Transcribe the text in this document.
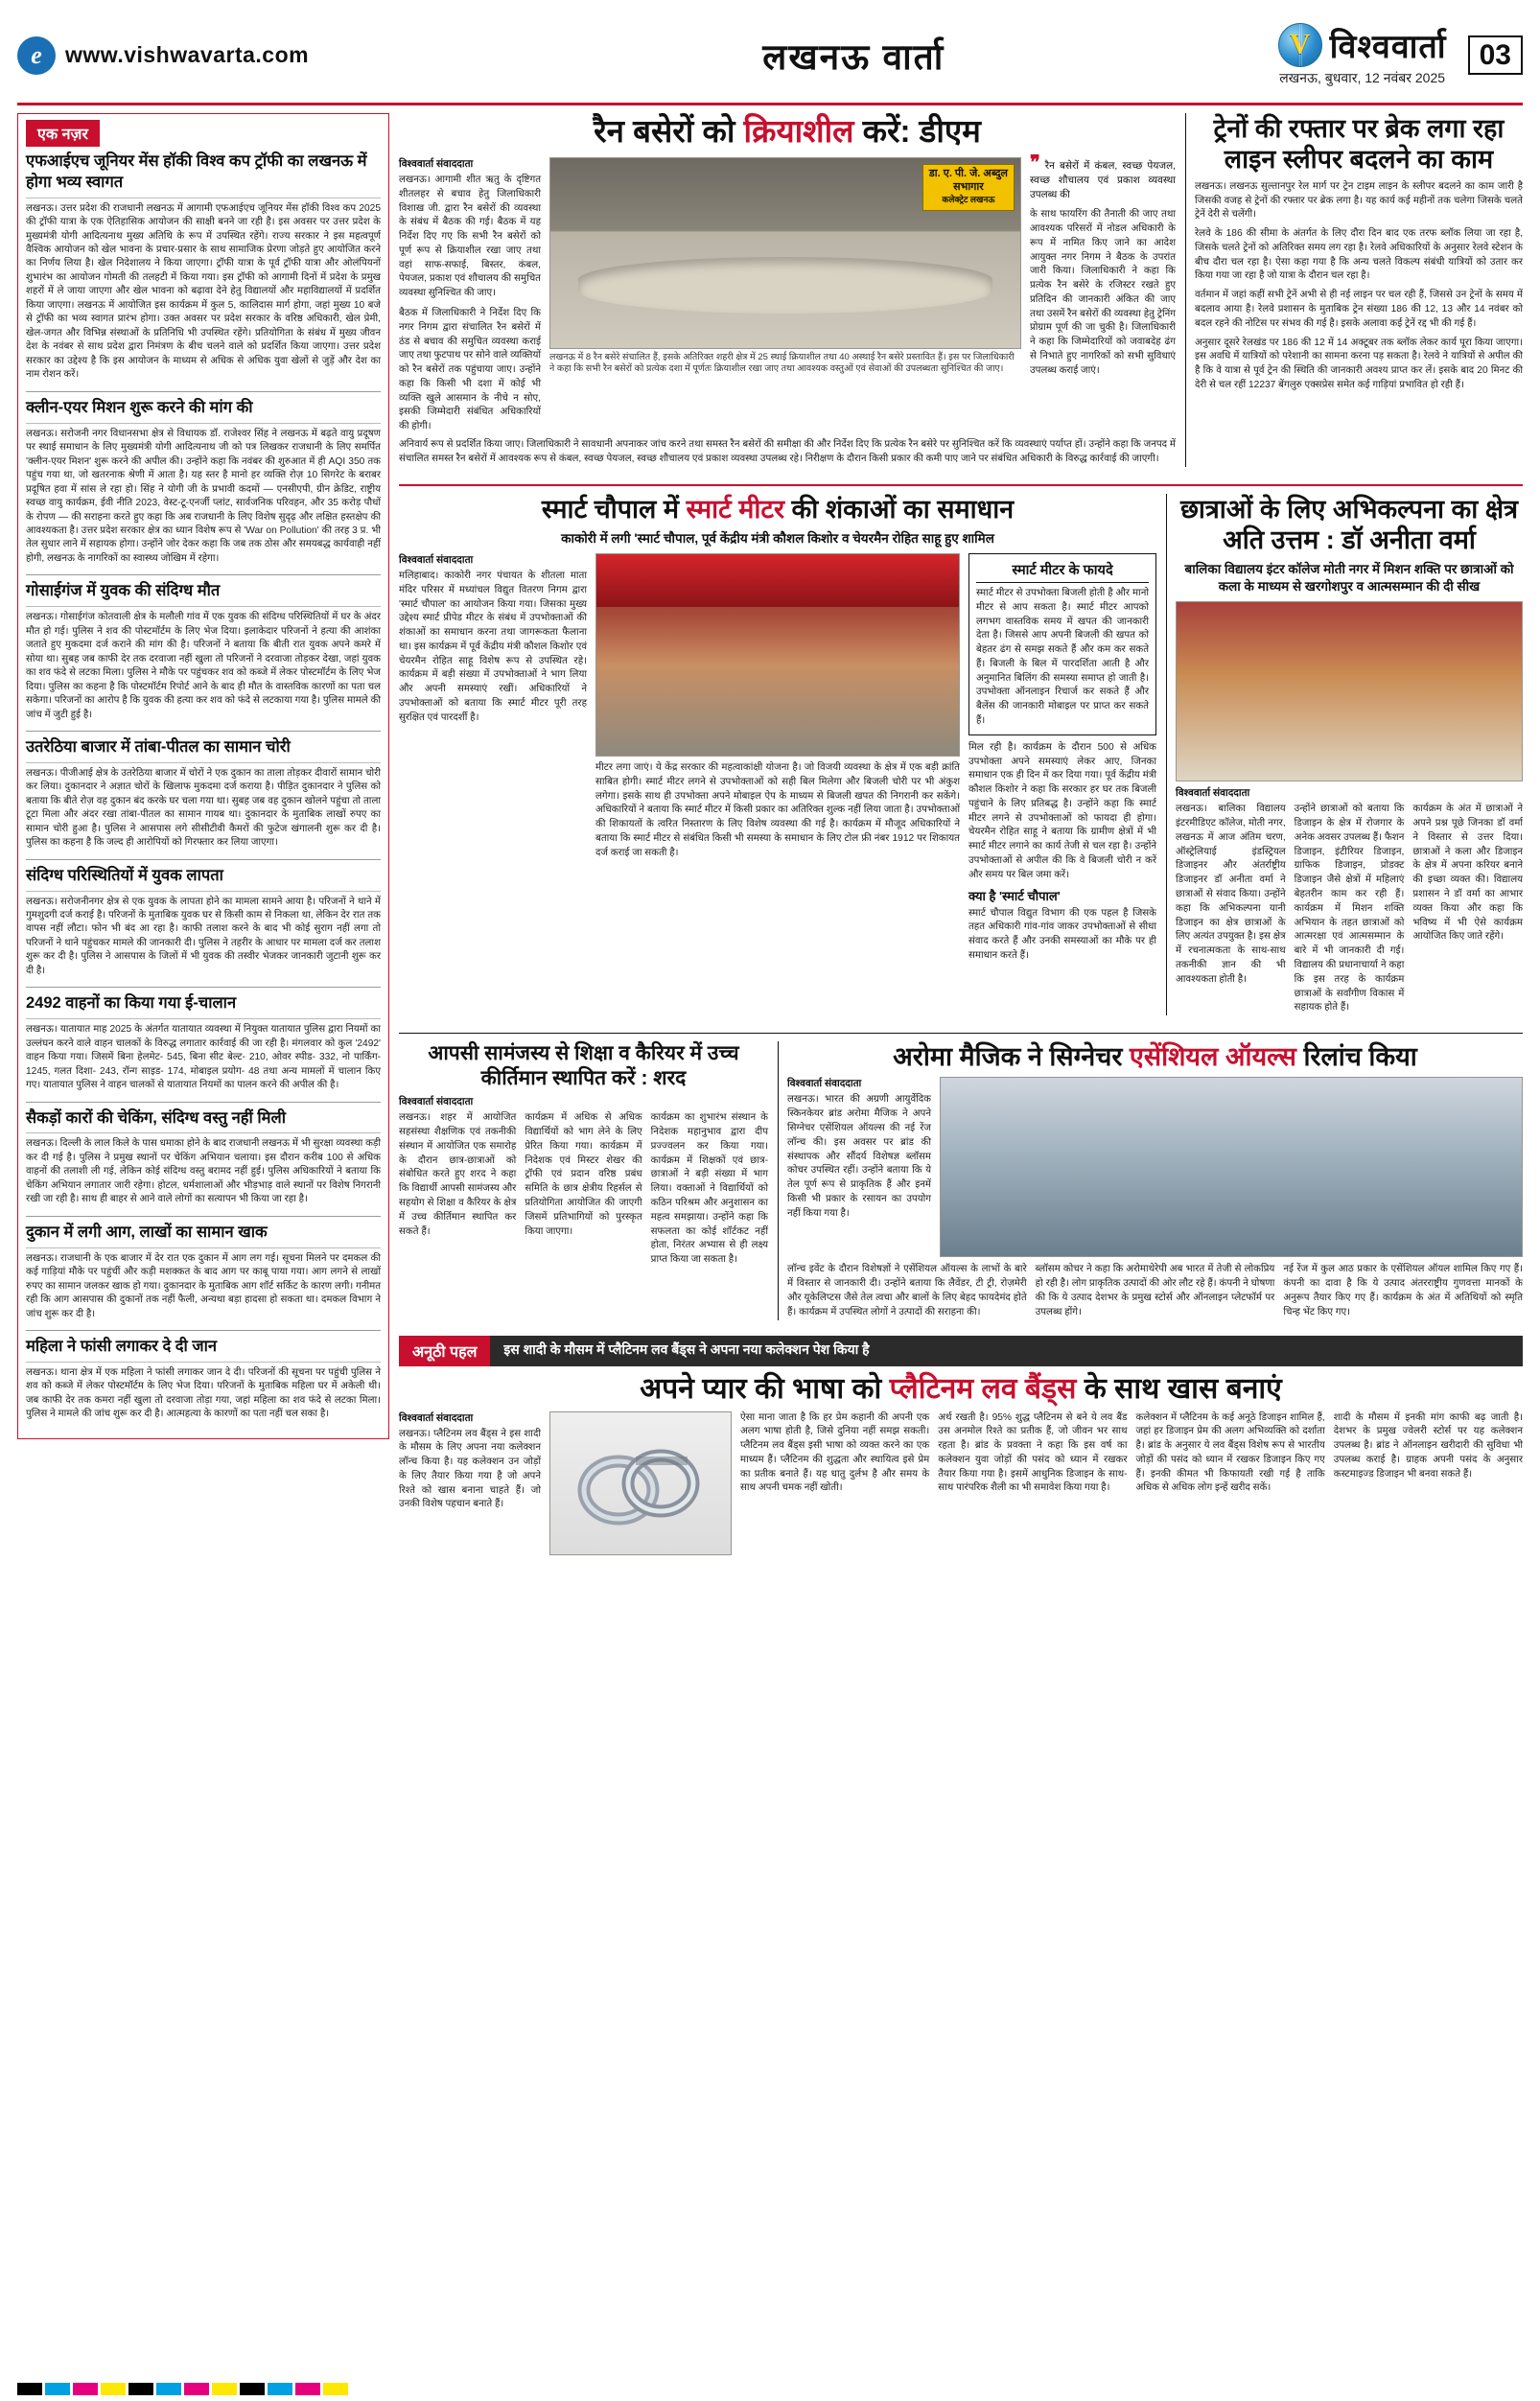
e	www.vishwavarta.com	लखनऊ वार्ता	V विश्ववार्ता
लखनऊ, बुधवार, 12 नवंबर 2025
03
एक नज़र
एफआईएच जूनियर मेंस हॉकी विश्व कप ट्रॉफी का लखनऊ में होगा भव्य स्वागत
लखनऊ। उत्तर प्रदेश की राजधानी लखनऊ में आगामी एफआईएच जूनियर मेंस हॉकी विश्व कप 2025 की ट्रॉफी यात्रा के एक ऐतिहासिक आयोजन की साक्षी बनने जा रही है। इस अवसर पर उत्तर प्रदेश के मुख्यमंत्री योगी आदित्यनाथ मुख्य अतिथि के रूप में उपस्थित रहेंगे। राज्य सरकार ने इस महत्वपूर्ण वैश्विक आयोजन को खेल भावना के प्रचार-प्रसार के साथ सामाजिक प्रेरणा जोड़ते हुए आयोजित करने का निर्णय लिया है। खेल निदेशालय ने किया जाएगा। ट्रॉफी यात्रा के पूर्व ट्रॉफी यात्रा और ओलंपियनों शुभारंभ का आयोजन गोमती की तलहटी में किया गया। इस ट्रॉफी को आगामी दिनों में प्रदेश के प्रमुख शहरों में ले जाया जाएगा और खेल भावना को बढ़ावा देने हेतु विद्यालयों और महाविद्यालयों में प्रदर्शित किया जाएगा। लखनऊ में आयोजित इस कार्यक्रम में कुल 5, कालिदास मार्ग होगा, जहां मुख्य 10 बजे से ट्रॉफी का भव्य स्वागत प्रारंभ होगा। उक्त अवसर पर प्रदेश सरकार के वरिष्ठ अधिकारी, खेल प्रेमी, खेल-जगत और विभिन्न संस्थाओं के प्रतिनिधि भी उपस्थित रहेंगे। प्रतियोगिता के संबंध में मुख्य जीवन देश के नवंबर से साथ प्रदेश द्वारा निमंत्रण के बीच चलने वाले को प्रदर्शित किया जाएगा। उत्तर प्रदेश सरकार का उद्देश्य है कि इस आयोजन के माध्यम से अधिक से अधिक युवा खेलों से जुड़ें और देश का नाम रोशन करें।
क्लीन-एयर मिशन शुरू करने की मांग की
लखनऊ। सरोजनी नगर विधानसभा क्षेत्र से विधायक डॉ. राजेश्वर सिंह ने लखनऊ में बढ़ते वायु प्रदूषण पर स्थाई समाधान के लिए मुख्यमंत्री योगी आदित्यनाथ जी को पत्र लिखकर राजधानी के लिए समर्पित 'क्लीन-एयर मिशन' शुरू करने की अपील की। उन्होंने कहा कि नवंबर की शुरुआत में ही AQI 350 तक पहुंच गया था, जो खतरनाक श्रेणी में आता है। यह स्तर है मानो हर व्यक्ति रोज़ 10 सिगरेट के बराबर प्रदूषित हवा में सांस ले रहा हो। सिंह ने योगी जी के प्रभावी कदमों — एनसीएपी, ग्रीन क्रेडिट, राष्ट्रीय स्वच्छ वायु कार्यक्रम, ईवी नीति 2023, वेस्ट-टू-एनर्जी प्लांट, सार्वजनिक परिवहन, और 35 करोड़ पौधों के रोपण — की सराहना करते हुए कहा कि अब राजधानी के लिए विशेष सुदृढ़ और लक्षित हस्तक्षेप की आवश्यकता है। उत्तर प्रदेश सरकार क्षेत्र का ध्यान विशेष रूप से 'War on Pollution' की तरह 3 प्र. भी तेल सुधार लाने में सहायक होगा। उन्होंने जोर देकर कहा कि जब तक ठोस और समयबद्ध कार्यवाही नहीं होगी, लखनऊ के नागरिकों का स्वास्थ्य जोखिम में रहेगा।
गोसाईगंज में युवक की संदिग्ध मौत
लखनऊ। गोसाईगंज कोतवाली क्षेत्र के मलौली गांव में एक युवक की संदिग्ध परिस्थितियों में घर के अंदर मौत हो गई। पुलिस ने शव की पोस्टमॉर्टम के लिए भेज दिया। इलाकेदार परिजनों ने हत्या की आशंका जताते हुए मुकदमा दर्ज कराने की मांग की है। परिजनों ने बताया कि बीती रात युवक अपने कमरे में सोया था। सुबह जब काफी देर तक दरवाजा नहीं खुला तो परिजनों ने दरवाजा तोड़कर देखा, जहां युवक का शव फंदे से लटका मिला। पुलिस ने मौके पर पहुंचकर शव को कब्जे में लेकर पोस्टमॉर्टम के लिए भेज दिया। पुलिस का कहना है कि पोस्टमॉर्टम रिपोर्ट आने के बाद ही मौत के वास्तविक कारणों का पता चल सकेगा। परिजनों का आरोप है कि युवक की हत्या कर शव को फंदे से लटकाया गया है। पुलिस मामले की जांच में जुटी हुई है।
उतरेठिया बाजार में तांबा-पीतल का सामान चोरी
लखनऊ। पीजीआई क्षेत्र के उतरेठिया बाजार में चोरों ने एक दुकान का ताला तोड़कर दीवारों सामान चोरी कर लिया। दुकानदार ने अज्ञात चोरों के खिलाफ मुकदमा दर्ज कराया है। पीड़ित दुकानदार ने पुलिस को बताया कि बीते रोज़ वह दुकान बंद करके घर चला गया था। सुबह जब वह दुकान खोलने पहुंचा तो ताला टूटा मिला और अंदर रखा तांबा-पीतल का सामान गायब था। दुकानदार के मुताबिक लाखों रुपए का सामान चोरी हुआ है। पुलिस ने आसपास लगे सीसीटीवी कैमरों की फुटेज खंगालनी शुरू कर दी है। पुलिस का कहना है कि जल्द ही आरोपियों को गिरफ्तार कर लिया जाएगा।
संदिग्ध परिस्थितियों में युवक लापता
लखनऊ। सरोजनीनगर क्षेत्र से एक युवक के लापता होने का मामला सामने आया है। परिजनों ने थाने में गुमशुदगी दर्ज कराई है। परिजनों के मुताबिक युवक घर से किसी काम से निकला था, लेकिन देर रात तक वापस नहीं लौटा। फोन भी बंद आ रहा है। काफी तलाश करने के बाद भी कोई सुराग नहीं लगा तो परिजनों ने थाने पहुंचकर मामले की जानकारी दी। पुलिस ने तहरीर के आधार पर मामला दर्ज कर तलाश शुरू कर दी है। पुलिस ने आसपास के जिलों में भी युवक की तस्वीर भेजकर जानकारी जुटानी शुरू कर दी है।
2492 वाहनों का किया गया ई-चालान
लखनऊ। यातायात माह 2025 के अंतर्गत यातायात व्यवस्था में नियुक्त यातायात पुलिस द्वारा नियमों का उल्लंघन करने वाले वाहन चालकों के विरुद्ध लगातार कार्रवाई की जा रही है। मंगलवार को कुल '2492' वाहन किया गया। जिसमें बिना हेलमेट- 545, बिना सीट बेल्ट- 210, ओवर स्पीड- 332, नो पार्किंग- 1245, गलत दिशा- 243, रॉन्ग साइड- 174, मोबाइल प्रयोग- 48 तथा अन्य मामलों में चालान किए गए। यातायात पुलिस ने वाहन चालकों से यातायात नियमों का पालन करने की अपील की है।
सैकड़ों कारों की चेकिंग, संदिग्ध वस्तु नहीं मिली
लखनऊ। दिल्ली के लाल किले के पास धमाका होने के बाद राजधानी लखनऊ में भी सुरक्षा व्यवस्था कड़ी कर दी गई है। पुलिस ने प्रमुख स्थानों पर चेकिंग अभियान चलाया। इस दौरान करीब 100 से अधिक वाहनों की तलाशी ली गई, लेकिन कोई संदिग्ध वस्तु बरामद नहीं हुई। पुलिस अधिकारियों ने बताया कि चेकिंग अभियान लगातार जारी रहेगा। होटल, धर्मशालाओं और भीड़भाड़ वाले स्थानों पर विशेष निगरानी रखी जा रही है। साथ ही बाहर से आने वाले लोगों का सत्यापन भी किया जा रहा है।
दुकान में लगी आग, लाखों का सामान खाक
लखनऊ। राजधानी के एक बाजार में देर रात एक दुकान में आग लग गई। सूचना मिलने पर दमकल की कई गाड़ियां मौके पर पहुंचीं और कड़ी मशक्कत के बाद आग पर काबू पाया गया। आग लगने से लाखों रुपए का सामान जलकर खाक हो गया। दुकानदार के मुताबिक आग शॉर्ट सर्किट के कारण लगी। गनीमत रही कि आग आसपास की दुकानों तक नहीं फैली, अन्यथा बड़ा हादसा हो सकता था। दमकल विभाग ने जांच शुरू कर दी है।
महिला ने फांसी लगाकर दे दी जान
लखनऊ। थाना क्षेत्र में एक महिला ने फांसी लगाकर जान दे दी। परिजनों की सूचना पर पहुंची पुलिस ने शव को कब्जे में लेकर पोस्टमॉर्टम के लिए भेज दिया। परिजनों के मुताबिक महिला घर में अकेली थी। जब काफी देर तक कमरा नहीं खुला तो दरवाजा तोड़ा गया, जहां महिला का शव फंदे से लटका मिला। पुलिस ने मामले की जांच शुरू कर दी है। आत्महत्या के कारणों का पता नहीं चल सका है।
रैन बसेरों को क्रियाशील करें: डीएम
विश्ववार्ता संवाददाता
लखनऊ। आगामी शीत ऋतु के दृष्टिगत शीतलहर से बचाव हेतु जिलाधिकारी विशाख जी. द्वारा रैन बसेरों की व्यवस्था के संबंध में बैठक की गई। बैठक में यह निर्देश दिए गए कि सभी रैन बसेरों को पूर्ण रूप से क्रियाशील रखा जाए तथा वहां साफ-सफाई, बिस्तर, कंबल, पेयजल, प्रकाश एवं शौचालय की समुचित व्यवस्था सुनिश्चित की जाए।
बैठक में जिलाधिकारी ने निर्देश दिए कि नगर निगम द्वारा संचालित रैन बसेरों में ठंड से बचाव की समुचित व्यवस्था कराई जाए तथा फुटपाथ पर सोने वाले व्यक्तियों को रैन बसेरों तक पहुंचाया जाए। उन्होंने कहा कि किसी भी दशा में कोई भी व्यक्ति खुले आसमान के नीचे न सोए, इसकी जिम्मेदारी संबंधित अधिकारियों की होगी।
डा. ए. पी. जे. अब्दुल
सभागार
कलेक्ट्रेट लखनऊ
लखनऊ में 8 रैन बसेरे संचालित हैं, इसके अतिरिक्त शहरी क्षेत्र में 25 स्थाई क्रियाशील तथा 40 अस्थाई रैन बसेरे प्रस्तावित हैं। इस पर जिलाधिकारी ने कहा कि सभी रैन बसेरों को प्रत्येक दशा में पूर्णतः क्रियाशील रखा जाए तथा आवश्यक वस्तुओं एवं सेवाओं की उपलब्धता सुनिश्चित की जाए।
❞ रैन बसेरों में कंबल, स्वच्छ पेयजल, स्वच्छ शौचालय एवं प्रकाश व्यवस्था उपलब्ध की
के साथ फायरिंग की तैनाती की जाए तथा आवश्यक परिसरों में नोडल अधिकारी के रूप में नामित किए जाने का आदेश आयुक्त नगर निगम ने बैठक के उपरांत जारी किया। जिलाधिकारी ने कहा कि प्रत्येक रैन बसेरे के रजिस्टर रखते हुए प्रतिदिन की जानकारी अंकित की जाए तथा उसमें रैन बसेरों की व्यवस्था हेतु ट्रेनिंग प्रोग्राम पूर्ण की जा चुकी है। जिलाधिकारी ने कहा कि जिम्मेदारियों को जवाबदेह ढंग से निभाते हुए नागरिकों को सभी सुविधाएं उपलब्ध कराई जाएं।
अनिवार्य रूप से प्रदर्शित किया जाए। जिलाधिकारी ने सावधानी अपनाकर जांच करने तथा समस्त रैन बसेरों की समीक्षा की और निर्देश दिए कि प्रत्येक रैन बसेरे पर सुनिश्चित करें कि व्यवस्थाएं पर्याप्त हों। उन्होंने कहा कि जनपद में संचालित समस्त रैन बसेरों में आवश्यक रूप से कंबल, स्वच्छ पेयजल, स्वच्छ शौचालय एवं प्रकाश व्यवस्था उपलब्ध रहे। निरीक्षण के दौरान किसी प्रकार की कमी पाए जाने पर संबंधित अधिकारी के विरुद्ध कार्रवाई की जाएगी।
ट्रेनों की रफ्तार पर ब्रेक लगा रहा लाइन स्लीपर बदलने का काम
लखनऊ। लखनऊ सुल्तानपुर रेल मार्ग पर ट्रेन टाइम लाइन के स्लीपर बदलने का काम जारी है जिसकी वजह से ट्रेनों की रफ्तार पर ब्रेक लगा है। यह कार्य कई महीनों तक चलेगा जिसके चलते ट्रेनें देरी से चलेंगी।
रेलवे के 186 की सीमा के अंतर्गत के लिए दौरा दिन बाद एक तरफ ब्लॉक लिया जा रहा है, जिसके चलते ट्रेनों को अतिरिक्त समय लग रहा है। रेलवे अधिकारियों के अनुसार रेलवे स्टेशन के बीच दौरा चल रहा है। ऐसा कहा गया है कि अन्य चलते विकल्प संबंधी यात्रियों को उतार कर किया गया जा रहा है जो यात्रा के दौरान चल रहा है।
वर्तमान में जहां कहीं सभी ट्रेनें अभी से ही नई लाइन पर चल रही हैं, जिससे उन ट्रेनों के समय में बदलाव आया है। रेलवे प्रशासन के मुताबिक ट्रेन संख्या 186 की 12, 13 और 14 नवंबर को बदल रहने की नोटिस पर संभव की गई है। इसके अलावा कई ट्रेनें रद्द भी की गई हैं।
अनुसार दूसरे रेलखंड पर 186 की 12 में 14 अक्टूबर तक ब्लॉक लेकर कार्य पूरा किया जाएगा। इस अवधि में यात्रियों को परेशानी का सामना करना पड़ सकता है। रेलवे ने यात्रियों से अपील की है कि वे यात्रा से पूर्व ट्रेन की स्थिति की जानकारी अवश्य प्राप्त कर लें। इसके बाद 20 मिनट की देरी से चल रहीं 12237 बेंगलुरु एक्सप्रेस समेत कई गाड़ियां प्रभावित हो रही हैं।
स्मार्ट चौपाल में स्मार्ट मीटर की शंकाओं का समाधान
काकोरी में लगी 'स्मार्ट चौपाल, पूर्व केंद्रीय मंत्री कौशल किशोर व चेयरमैन रोहित साहू हुए शामिल
विश्ववार्ता संवाददाता
मलिहाबाद। काकोरी नगर पंचायत के शीतला माता मंदिर परिसर में मध्यांचल विद्युत वितरण निगम द्वारा 'स्मार्ट चौपाल' का आयोजन किया गया। जिसका मुख्य उद्देश्य स्मार्ट प्रीपेड मीटर के संबंध में उपभोक्ताओं की शंकाओं का समाधान करना तथा जागरूकता फैलाना था। इस कार्यक्रम में पूर्व केंद्रीय मंत्री कौशल किशोर एवं चेयरमैन रोहित साहू विशेष रूप से उपस्थित रहे। कार्यक्रम में बड़ी संख्या में उपभोक्ताओं ने भाग लिया और अपनी समस्याएं रखीं। अधिकारियों ने उपभोक्ताओं को बताया कि स्मार्ट मीटर पूरी तरह सुरक्षित एवं पारदर्शी है।
मीटर लगा जाएं। ये केंद्र सरकार की महत्वाकांक्षी योजना है। जो विजयी व्यवस्था के क्षेत्र में एक बड़ी क्रांति साबित होगी। स्मार्ट मीटर लगने से उपभोक्ताओं को सही बिल मिलेगा और बिजली चोरी पर भी अंकुश लगेगा। इसके साथ ही उपभोक्ता अपने मोबाइल ऐप के माध्यम से बिजली खपत की निगरानी कर सकेंगे। अधिकारियों ने बताया कि स्मार्ट मीटर में किसी प्रकार का अतिरिक्त शुल्क नहीं लिया जाता है। उपभोक्ताओं की शिकायतों के त्वरित निस्तारण के लिए विशेष व्यवस्था की गई है। कार्यक्रम में मौजूद अधिकारियों ने बताया कि स्मार्ट मीटर से संबंधित किसी भी समस्या के समाधान के लिए टोल फ्री नंबर 1912 पर शिकायत दर्ज कराई जा सकती है।
स्मार्ट मीटर के फायदे
स्मार्ट मीटर से उपभोक्ता बिजली होती है और मानो मीटर से आप सकता है। स्मार्ट मीटर आपको लगभग वास्तविक समय में खपत की जानकारी देता है। जिससे आप अपनी बिजली की खपत को बेहतर ढंग से समझ सकते हैं और कम कर सकते हैं। बिजली के बिल में पारदर्शिता आती है और अनुमानित बिलिंग की समस्या समाप्त हो जाती है। उपभोक्ता ऑनलाइन रिचार्ज कर सकते हैं और बैलेंस की जानकारी मोबाइल पर प्राप्त कर सकते हैं।
मिल रही है। कार्यक्रम के दौरान 500 से अधिक उपभोक्ता अपने समस्याएं लेकर आए, जिनका समाधान एक ही दिन में कर दिया गया। पूर्व केंद्रीय मंत्री कौशल किशोर ने कहा कि सरकार हर घर तक बिजली पहुंचाने के लिए प्रतिबद्ध है। उन्होंने कहा कि स्मार्ट मीटर लगने से उपभोक्ताओं को फायदा ही होगा। चेयरमैन रोहित साहू ने बताया कि ग्रामीण क्षेत्रों में भी स्मार्ट मीटर लगाने का कार्य तेजी से चल रहा है। उन्होंने उपभोक्ताओं से अपील की कि वे बिजली चोरी न करें और समय पर बिल जमा करें।
क्या है 'स्मार्ट चौपाल'
स्मार्ट चौपाल विद्युत विभाग की एक पहल है जिसके तहत अधिकारी गांव-गांव जाकर उपभोक्ताओं से सीधा संवाद करते हैं और उनकी समस्याओं का मौके पर ही समाधान करते हैं।
छात्राओं के लिए अभिकल्पना का क्षेत्र अति उत्तम : डॉ अनीता वर्मा
बालिका विद्यालय इंटर कॉलेज मोती नगर में मिशन शक्ति पर छात्राओं को कला के माध्यम से खरगोशपुर व आत्मसम्मान की दी सीख
विश्ववार्ता संवाददाता
लखनऊ। बालिका विद्यालय इंटरमीडिएट कॉलेज, मोती नगर, लखनऊ में आज अंतिम चरण, ऑस्ट्रेलियाई इंडस्ट्रियल डिजाइनर और अंतर्राष्ट्रीय डिजाइनर डॉ अनीता वर्मा ने छात्राओं से संवाद किया। उन्होंने कहा कि अभिकल्पना यानी डिजाइन का क्षेत्र छात्राओं के लिए अत्यंत उपयुक्त है। इस क्षेत्र में रचनात्मकता के साथ-साथ तकनीकी ज्ञान की भी आवश्यकता होती है।
उन्होंने छात्राओं को बताया कि डिजाइन के क्षेत्र में रोजगार के अनेक अवसर उपलब्ध हैं। फैशन डिजाइन, इंटीरियर डिजाइन, ग्राफिक डिजाइन, प्रोडक्ट डिजाइन जैसे क्षेत्रों में महिलाएं बेहतरीन काम कर रही हैं। कार्यक्रम में मिशन शक्ति अभियान के तहत छात्राओं को आत्मरक्षा एवं आत्मसम्मान के बारे में भी जानकारी दी गई। विद्यालय की प्रधानाचार्या ने कहा कि इस तरह के कार्यक्रम छात्राओं के सर्वांगीण विकास में सहायक होते हैं।
कार्यक्रम के अंत में छात्राओं ने अपने प्रश्न पूछे जिनका डॉ वर्मा ने विस्तार से उत्तर दिया। छात्राओं ने कला और डिजाइन के क्षेत्र में अपना करियर बनाने की इच्छा व्यक्त की। विद्यालय प्रशासन ने डॉ वर्मा का आभार व्यक्त किया और कहा कि भविष्य में भी ऐसे कार्यक्रम आयोजित किए जाते रहेंगे।
आपसी सामंजस्य से शिक्षा व कैरियर में उच्च कीर्तिमान स्थापित करें : शरद
विश्ववार्ता संवाददाता
लखनऊ। शहर में आयोजित सहसंस्था शैक्षणिक एवं तकनीकी संस्थान में आयोजित एक समारोह के दौरान छात्र-छात्राओं को संबोधित करते हुए शरद ने कहा कि विद्यार्थी आपसी सामंजस्य और सहयोग से शिक्षा व कैरियर के क्षेत्र में उच्च कीर्तिमान स्थापित कर सकते हैं।
कार्यक्रम में अधिक से अधिक विद्यार्थियों को भाग लेने के लिए प्रेरित किया गया। कार्यक्रम में निदेशक एवं मिस्टर शेखर की ट्रॉफी एवं प्रदान वरिष्ठ प्रबंध समिति के छात्र क्षेत्रीय रिहर्सल से प्रतियोगिता आयोजित की जाएगी जिसमें प्रतिभागियों को पुरस्कृत किया जाएगा।
कार्यक्रम का शुभारंभ संस्थान के निदेशक महानुभाव द्वारा दीप प्रज्ज्वलन कर किया गया। कार्यक्रम में शिक्षकों एवं छात्र-छात्राओं ने बड़ी संख्या में भाग लिया। वक्ताओं ने विद्यार्थियों को कठिन परिश्रम और अनुशासन का महत्व समझाया। उन्होंने कहा कि सफलता का कोई शॉर्टकट नहीं होता, निरंतर अभ्यास से ही लक्ष्य प्राप्त किया जा सकता है।
अरोमा मैजिक ने सिग्नेचर एसेंशियल ऑयल्स रिलांच किया
विश्ववार्ता संवाददाता
लखनऊ। भारत की अग्रणी आयुर्वेदिक स्किनकेयर ब्रांड अरोमा मैजिक ने अपने सिग्नेचर एसेंशियल ऑयल्स की नई रेंज लॉन्च की। इस अवसर पर ब्रांड की संस्थापक और सौंदर्य विशेषज्ञ ब्लॉसम कोचर उपस्थित रहीं। उन्होंने बताया कि ये तेल पूर्ण रूप से प्राकृतिक हैं और इनमें किसी भी प्रकार के रसायन का उपयोग नहीं किया गया है।
लॉन्च इवेंट के दौरान विशेषज्ञों ने एसेंशियल ऑयल्स के लाभों के बारे में विस्तार से जानकारी दी। उन्होंने बताया कि लैवेंडर, टी ट्री, रोज़मेरी और यूकेलिप्टस जैसे तेल त्वचा और बालों के लिए बेहद फायदेमंद होते हैं। कार्यक्रम में उपस्थित लोगों ने उत्पादों की सराहना की।
ब्लॉसम कोचर ने कहा कि अरोमाथेरेपी अब भारत में तेजी से लोकप्रिय हो रही है। लोग प्राकृतिक उत्पादों की ओर लौट रहे हैं। कंपनी ने घोषणा की कि ये उत्पाद देशभर के प्रमुख स्टोर्स और ऑनलाइन प्लेटफॉर्म पर उपलब्ध होंगे।
नई रेंज में कुल आठ प्रकार के एसेंशियल ऑयल शामिल किए गए हैं। कंपनी का दावा है कि ये उत्पाद अंतरराष्ट्रीय गुणवत्ता मानकों के अनुरूप तैयार किए गए हैं। कार्यक्रम के अंत में अतिथियों को स्मृति चिन्ह भेंट किए गए।
अनूठी पहल	इस शादी के मौसम में प्लैटिनम लव बैंड्स ने अपना नया कलेक्शन पेश किया है
अपने प्यार की भाषा को प्लैटिनम लव बैंड्स के साथ खास बनाएं
विश्ववार्ता संवाददाता
लखनऊ। प्लैटिनम लव बैंड्स ने इस शादी के मौसम के लिए अपना नया कलेक्शन लॉन्च किया है। यह कलेक्शन उन जोड़ों के लिए तैयार किया गया है जो अपने रिश्ते को खास बनाना चाहते हैं। जो उनकी विशेष पहचान बनाते हैं।
ऐसा माना जाता है कि हर प्रेम कहानी की अपनी एक अलग भाषा होती है, जिसे दुनिया नहीं समझ सकती। प्लैटिनम लव बैंड्स इसी भाषा को व्यक्त करने का एक माध्यम हैं। प्लैटिनम की शुद्धता और स्थायित्व इसे प्रेम का प्रतीक बनाते हैं। यह धातु दुर्लभ है और समय के साथ अपनी चमक नहीं खोती।
अर्थ रखती है। 95% शुद्ध प्लैटिनम से बने ये लव बैंड उस अनमोल रिश्ते का प्रतीक हैं, जो जीवन भर साथ रहता है। ब्रांड के प्रवक्ता ने कहा कि इस वर्ष का कलेक्शन युवा जोड़ों की पसंद को ध्यान में रखकर तैयार किया गया है। इसमें आधुनिक डिजाइन के साथ-साथ पारंपरिक शैली का भी समावेश किया गया है।
कलेक्शन में प्लैटिनम के कई अनूठे डिजाइन शामिल हैं, जहां हर डिजाइन प्रेम की अलग अभिव्यक्ति को दर्शाता है। ब्रांड के अनुसार ये लव बैंड्स विशेष रूप से भारतीय जोड़ों की पसंद को ध्यान में रखकर डिजाइन किए गए हैं। इनकी कीमत भी किफायती रखी गई है ताकि अधिक से अधिक लोग इन्हें खरीद सकें।
शादी के मौसम में इनकी मांग काफी बढ़ जाती है। देशभर के प्रमुख ज्वेलरी स्टोर्स पर यह कलेक्शन उपलब्ध है। ब्रांड ने ऑनलाइन खरीदारी की सुविधा भी उपलब्ध कराई है। ग्राहक अपनी पसंद के अनुसार कस्टमाइज्ड डिजाइन भी बनवा सकते हैं।
